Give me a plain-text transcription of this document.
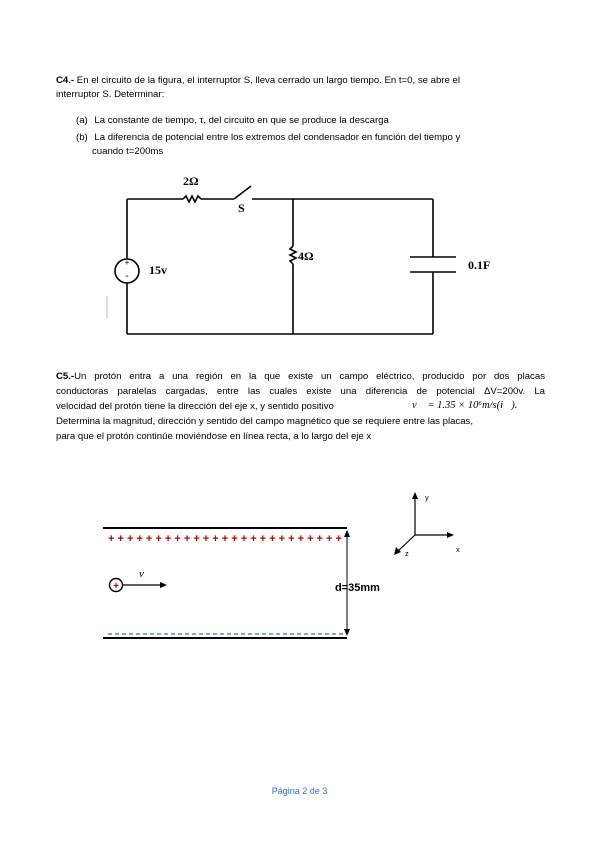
C4.- En el circuito de la figura, el interruptor S, lleva cerrado un largo tiempo. En t=0, se abre el
interruptor S. Determinar:
(a) La constante de tiempo, τ, del circuito en que se produce la descarga
(b) La diferencia de potencial entre los extremos del condensador en función del tiempo y
cuando t=200ms
+
-
2Ω
S
4Ω
15v	0.1F
C5.-Un protón entra a una región en la que existe un campo eléctrico, producido por dos placas
conductoras paralelas cargadas, entre las cuales existe una diferencia de potencial ΔV=200v. La
velocidad del protón tiene la dirección del eje x, y sentido positivo	v⃗ = 1.35 × 10⁶m/s(i⃗).
Determina la magnitud, dirección y sentido del campo magnético que se requiere entre las placas,
para que el protón continúe moviéndose en línea recta, a lo largo del eje x
+ + + + + + + + + + + + + + + + + + + + + + + + +
d=35mm
+
v⃗
y
x
z
Página 2 de 3
